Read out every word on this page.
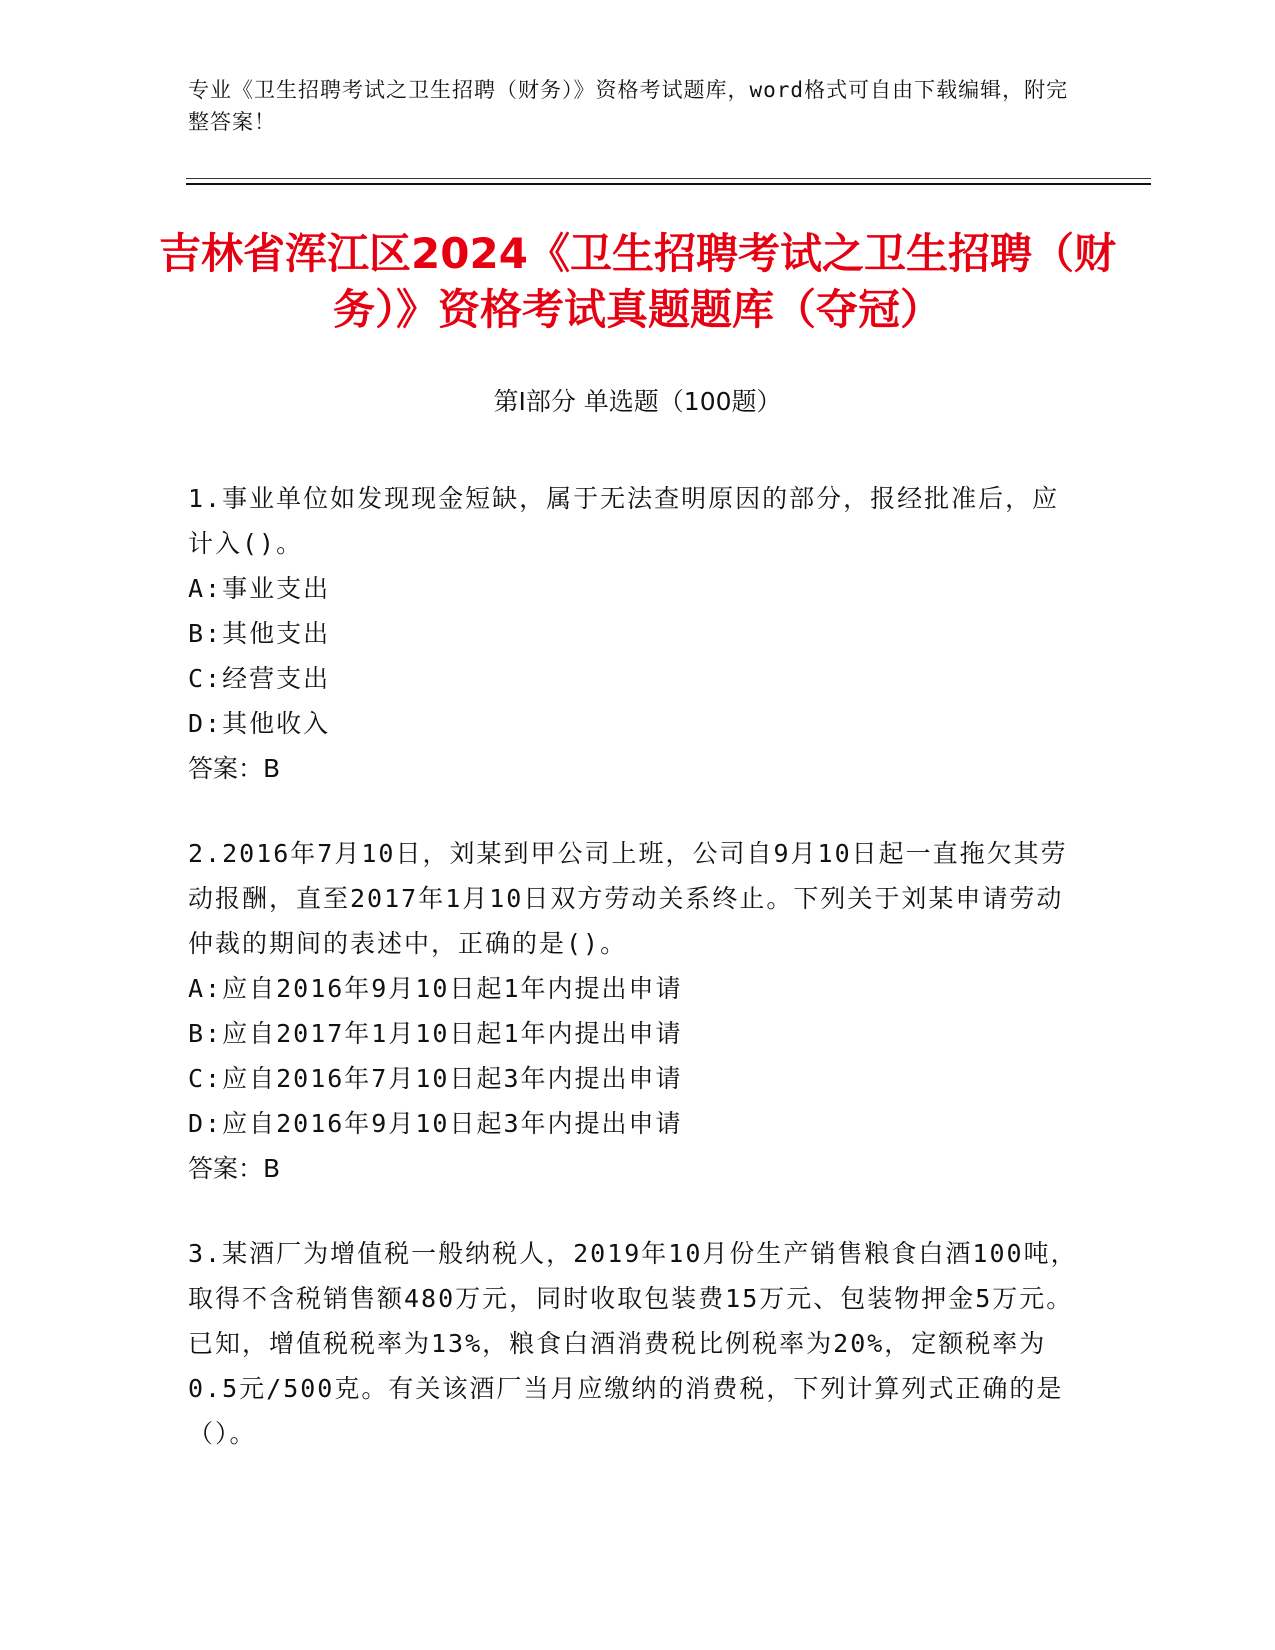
专业《卫生招聘考试之卫生招聘（财务）》资格考试题库，word格式可自由下载编辑，附完整答案！
吉林省浑江区2024《卫生招聘考试之卫生招聘（财务）》资格考试真题题库（夺冠）
第I部分 单选题（100题）

1.事业单位如发现现金短缺，属于无法查明原因的部分，报经批准后，应计入()。

A:事业支出

B:其他支出

C:经营支出

D:其他收入

答案：B

2.2016年7月10日，刘某到甲公司上班，公司自9月10日起一直拖欠其劳动报酬，直至2017年1月10日双方劳动关系终止。下列关于刘某申请劳动仲裁的期间的表述中，正确的是()。

A:应自2016年9月10日起1年内提出申请

B:应自2017年1月10日起1年内提出申请

C:应自2016年7月10日起3年内提出申请

D:应自2016年9月10日起3年内提出申请

答案：B

3.某酒厂为增值税一般纳税人，2019年10月份生产销售粮食白酒100吨，取得不含税销售额480万元，同时收取包装费15万元、包装物押金5万元。已知，增值税税率为13%，粮食白酒消费税比例税率为20%，定额税率为0.5元/500克。有关该酒厂当月应缴纳的消费税，下列计算列式正确的是（）。
